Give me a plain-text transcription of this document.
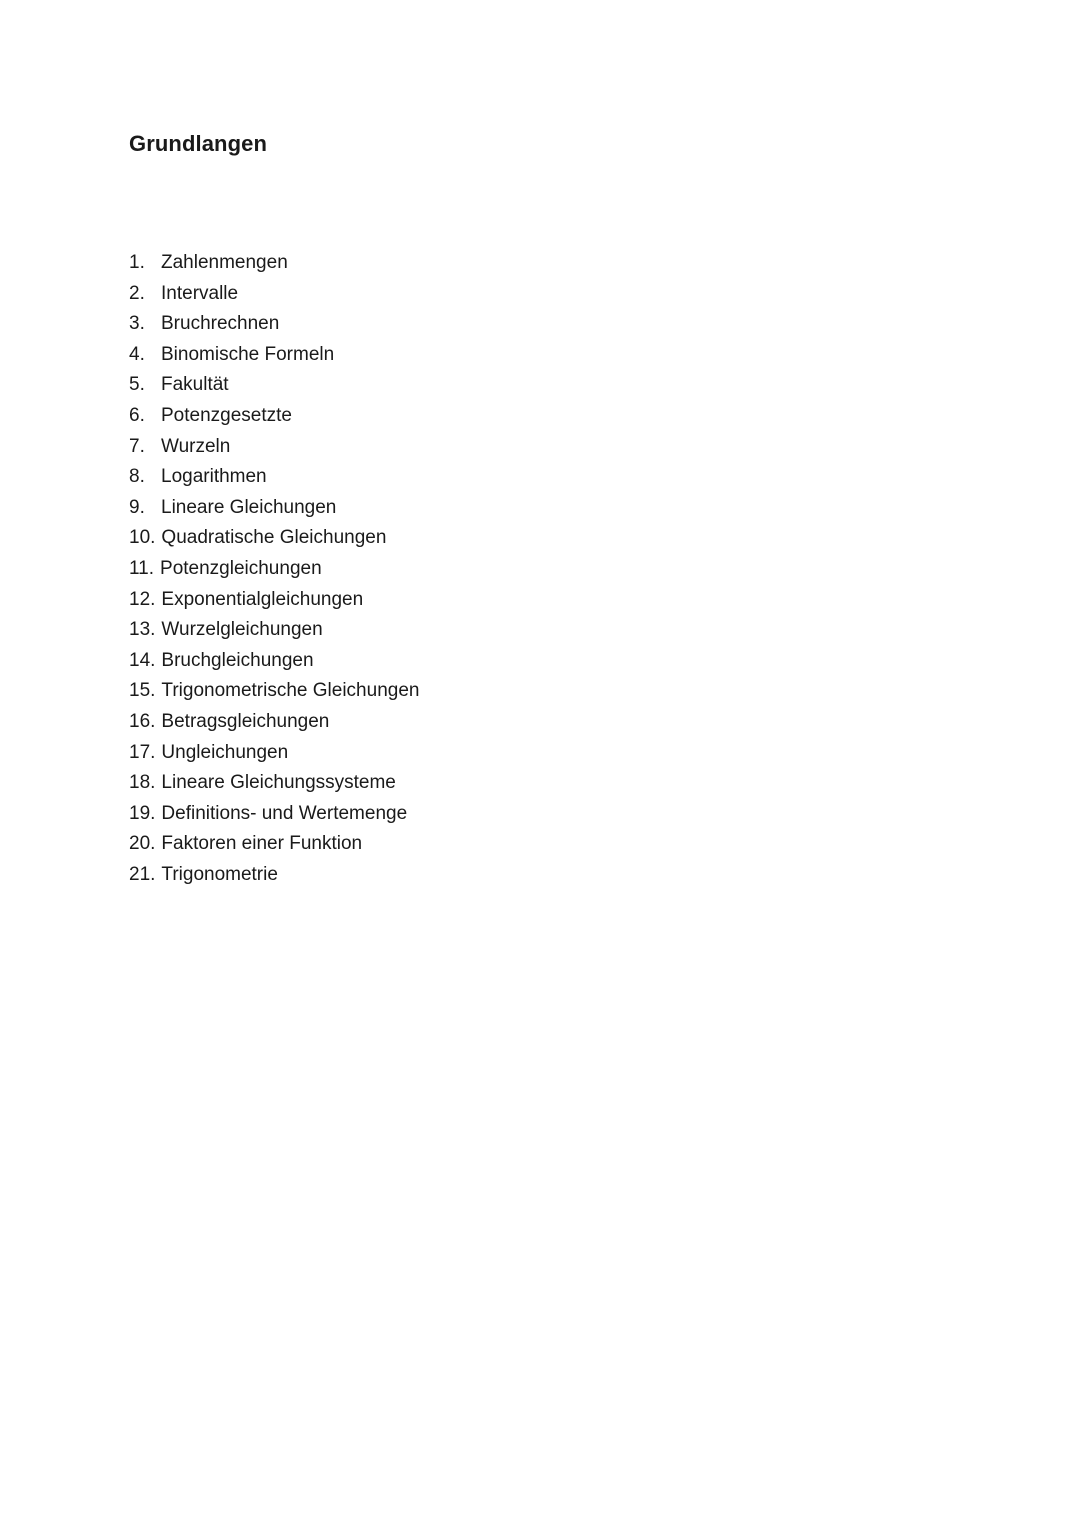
Grundlangen
1. Zahlenmengen
2. Intervalle
3. Bruchrechnen
4. Binomische Formeln
5. Fakultät
6. Potenzgesetzte
7. Wurzeln
8. Logarithmen
9. Lineare Gleichungen
10. Quadratische Gleichungen
11. Potenzgleichungen
12. Exponentialgleichungen
13. Wurzelgleichungen
14. Bruchgleichungen
15. Trigonometrische Gleichungen
16. Betragsgleichungen
17. Ungleichungen
18. Lineare Gleichungssysteme
19. Definitions- und Wertemenge
20. Faktoren einer Funktion
21. Trigonometrie
